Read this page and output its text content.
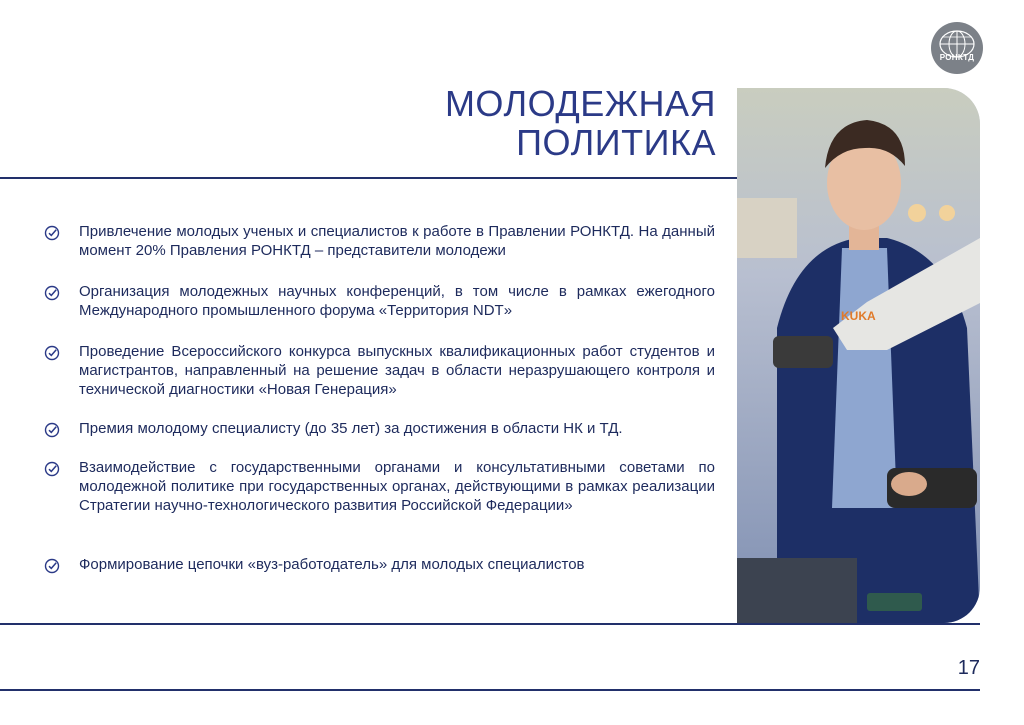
РОНКТД
МОЛОДЕЖНАЯ
ПОЛИТИКА
KUKA
Привлечение молодых ученых и специалистов к работе в Правлении РОНКТД. На данный момент 20% Правления РОНКТД – представители молодежи
Организация молодежных научных конференций, в том числе в рамках ежегодного Международного промышленного форума «Территория NDT»
Проведение Всероссийского конкурса выпускных квалификационных работ студентов и магистрантов, направленный на решение задач в области неразрушающего контроля и технической диагностики «Новая Генерация»
Премия молодому специалисту (до 35 лет) за достижения в области НК и ТД.
Взаимодействие с государственными органами и консультативными советами по молодежной политике при государственных органах, действующими в рамках реализации Стратегии научно-технологического развития Российской Федерации»
Формирование цепочки «вуз-работодатель» для молодых специалистов
17
